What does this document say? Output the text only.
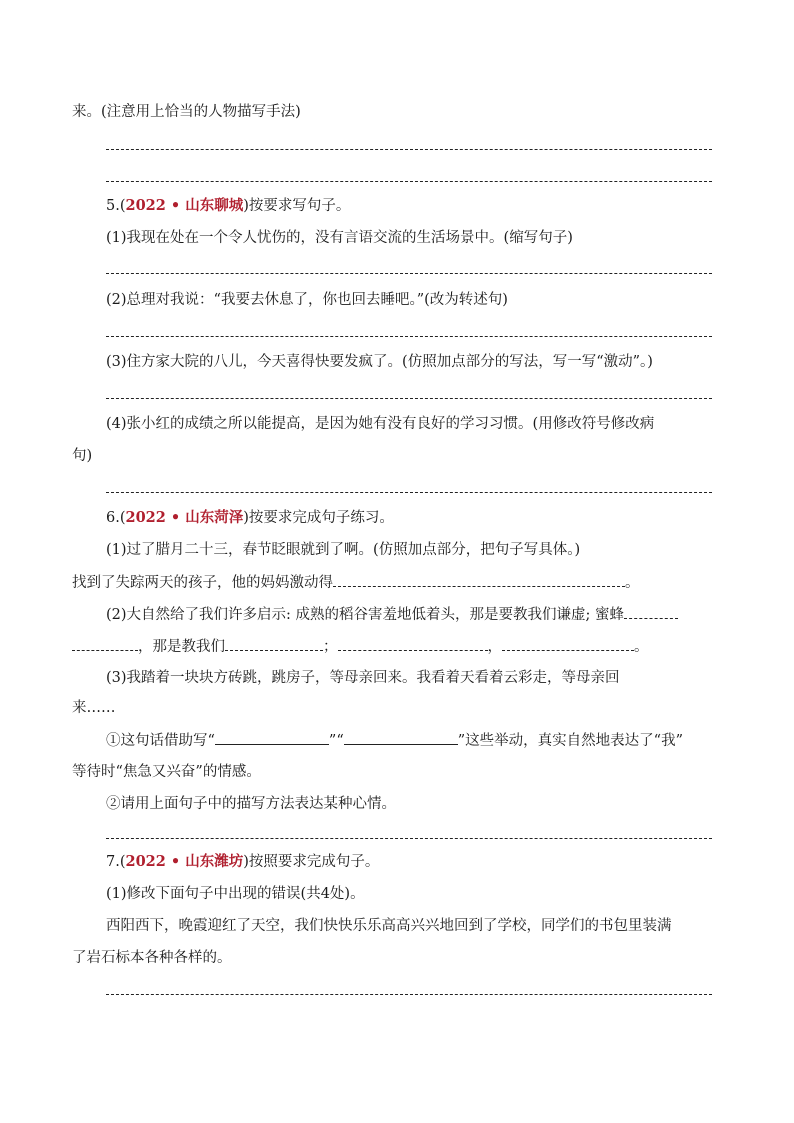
来。(注意用上恰当的人物描写手法)
5.(2022 • 山东聊城)按要求写句子。
(1)我现在处在一个令人忧伤的，没有言语交流的生活场景中。(缩写句子)
(2)总理对我说：“我要去休息了，你也回去睡吧。”(改为转述句)
(3)住方家大院的八儿，今天喜得快要发疯了。(仿照加点部分的写法，写一写“激动”。)
(4)张小红的成绩之所以能提高，是因为她有没有良好的学习习惯。(用修改符号修改病
句)
6.(2022 • 山东菏泽)按要求完成句子练习。
(1)过了腊月二十三，春节眨眼就到了啊。(仿照加点部分，把句子写具体。)
找到了失踪两天的孩子，他的妈妈激动得	。
(2)大自然给了我们许多启示: 成熟的稻谷害羞地低着头，那是要教我们谦虚; 蜜蜂
，那是教我们	；	，	。
(3)我踏着一块块方砖跳，跳房子，等母亲回来。我看着天看着云彩走，等母亲回
来……
①这句话借助写“	”“	”这些举动，真实自然地表达了“我”
等待时“焦急又兴奋”的情感。
②请用上面句子中的描写方法表达某种心情。
7.(2022 • 山东潍坊)按照要求完成句子。
(1)修改下面句子中出现的错误(共4处)。
西阳西下，晚霞迎红了天空，我们快快乐乐高高兴兴地回到了学校，同学们的书包里装满
了岩石标本各种各样的。
